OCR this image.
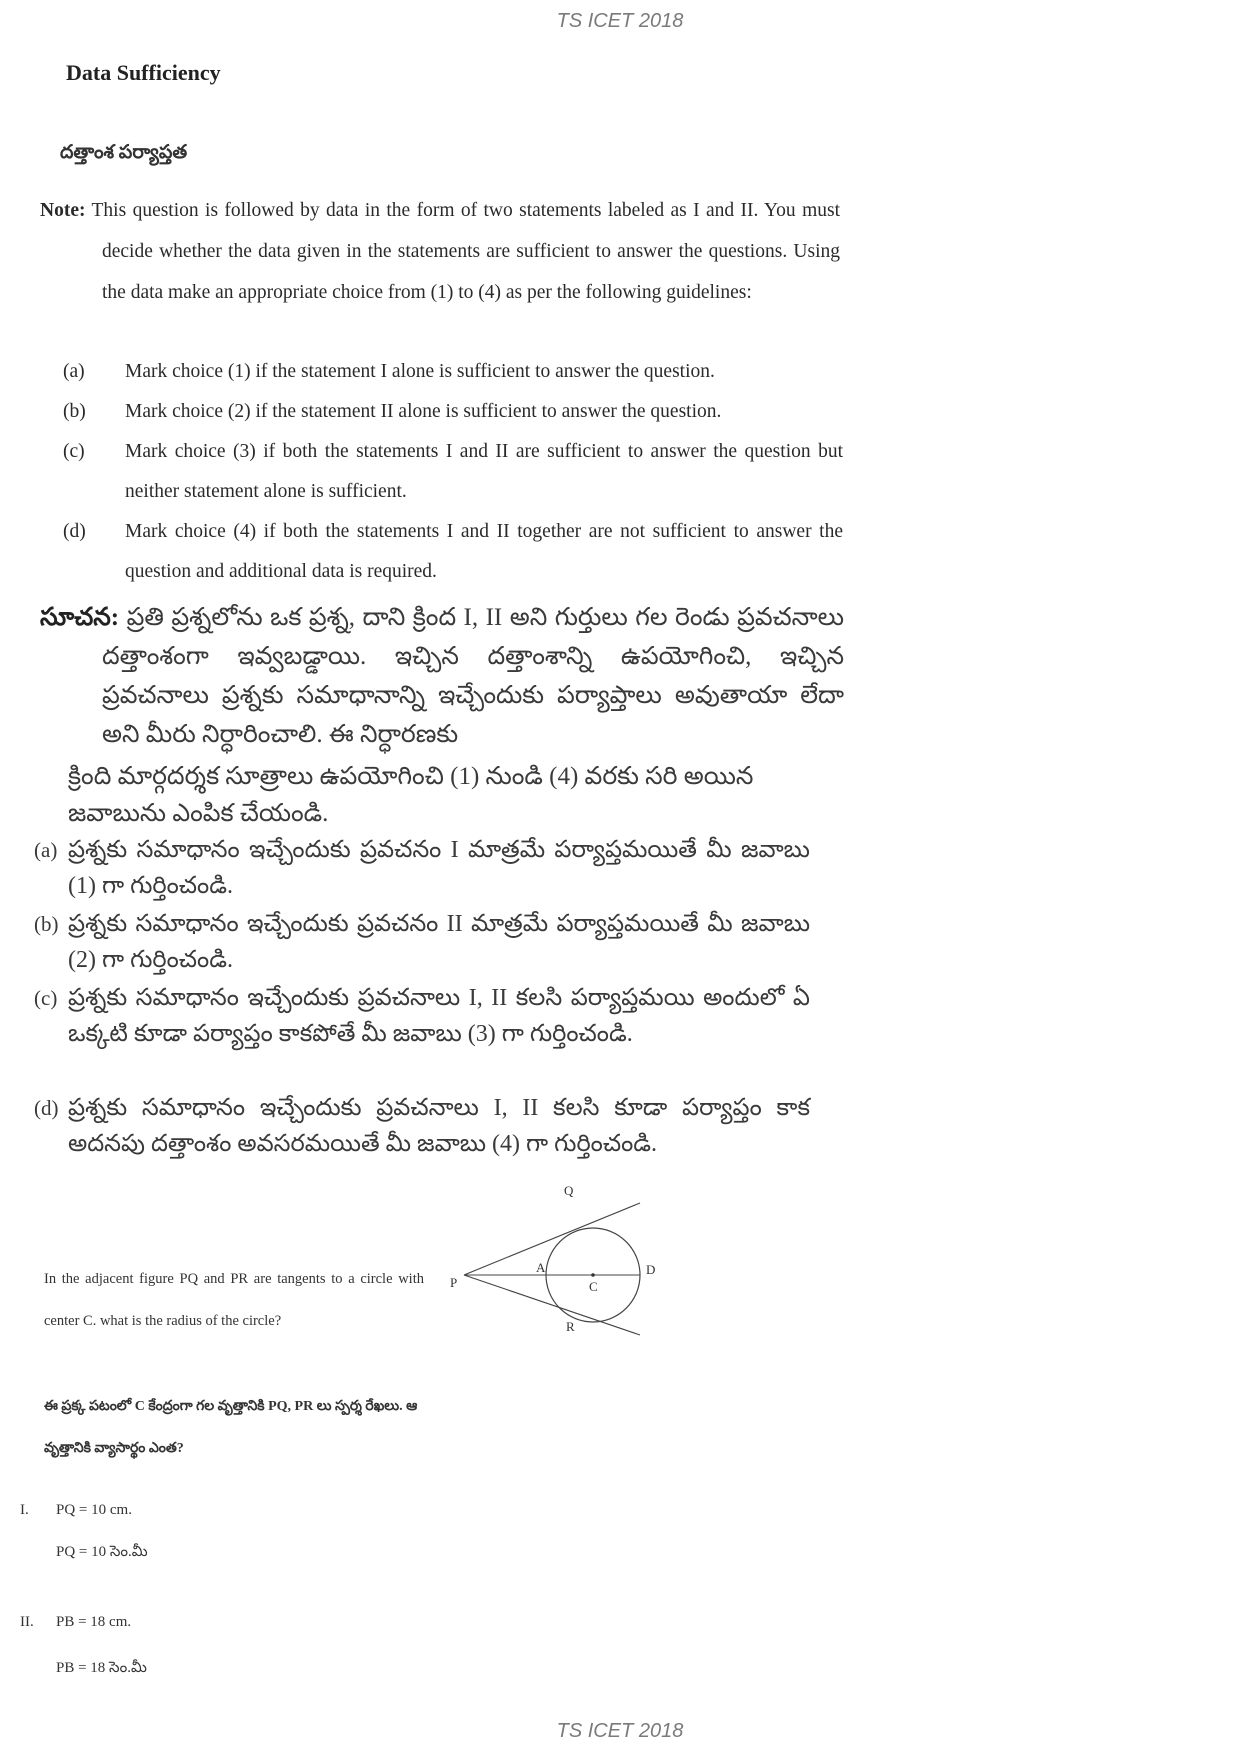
TS ICET 2018
TS ICET 2018
Data Sufficiency
దత్తాంశ పర్యాప్తత
Note: This question is followed by data in the form of two statements labeled as I and II. You must decide whether the data given in the statements are sufficient to answer the questions. Using the data make an appropriate choice from (1) to (4) as per the following guidelines:
(a) Mark choice (1) if the statement I alone is sufficient to answer the question.
(b) Mark choice (2) if the statement II alone is sufficient to answer the question.
(c) Mark choice (3) if both the statements I and II are sufficient to answer the question but neither statement alone is sufficient.
(d) Mark choice (4) if both the statements I and II together are not sufficient to answer the question and additional data is required.
సూచన: ప్రతి ప్రశ్నలోను ఒక ప్రశ్న, దాని క్రింద I, II అని గుర్తులు గల రెండు ప్రవచనాలు దత్తాంశంగా ఇవ్వబడ్డాయి. ఇచ్చిన దత్తాంశాన్ని ఉపయోగించి, ఇచ్చిన ప్రవచనాలు ప్రశ్నకు సమాధానాన్ని ఇచ్చేందుకు పర్యాప్తాలు అవుతాయా లేదా అని మీరు నిర్ధారించాలి. ఈ నిర్ధారణకు
క్రింది మార్గదర్శక సూత్రాలు ఉపయోగించి (1) నుండి (4) వరకు సరి అయిన జవాబును ఎంపిక చేయండి.
(a) ప్రశ్నకు సమాధానం ఇచ్చేందుకు ప్రవచనం I మాత్రమే పర్యాప్తమయితే మీ జవాబు (1) గా గుర్తించండి.
(b) ప్రశ్నకు సమాధానం ఇచ్చేందుకు ప్రవచనం II మాత్రమే పర్యాప్తమయితే మీ జవాబు (2) గా గుర్తించండి.
(c) ప్రశ్నకు సమాధానం ఇచ్చేందుకు ప్రవచనాలు I, II కలసి పర్యాప్తమయి అందులో ఏ ఒక్కటి కూడా పర్యాప్తం కాకపోతే మీ జవాబు (3) గా గుర్తించండి.
(d) ప్రశ్నకు సమాధానం ఇచ్చేందుకు ప్రవచనాలు I, II కలసి కూడా పర్యాప్తం కాక అదనపు దత్తాంశం అవసరమయితే మీ జవాబు (4) గా గుర్తించండి.
In the adjacent figure PQ and PR are tangents to a circle with center C. what is the radius of the circle?
ఈ ప్రక్క పటంలో C కేంద్రంగా గల వృత్తానికి PQ, PR లు స్పర్శ రేఖలు. ఆ వృత్తానికి వ్యాసార్థం ఎంత?
Q
A	D
P	C
R
I. PQ = 10 cm.
PQ = 10 సెం.మీ
II. PB = 18 cm.
PB = 18 సెం.మీ
